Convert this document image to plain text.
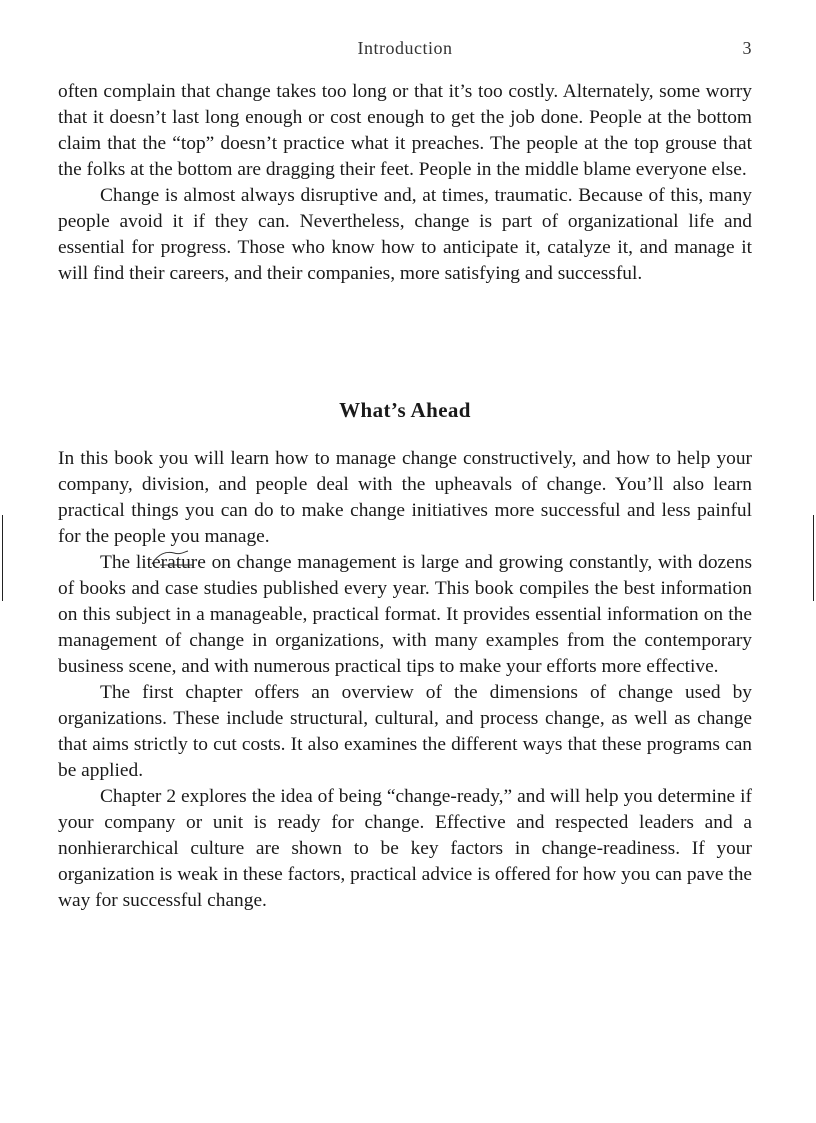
Introduction	3

often complain that change takes too long or that it’s too costly. Alternately, some worry that it doesn’t last long enough or cost enough to get the job done. People at the bottom claim that the “top” doesn’t practice what it preaches. The people at the top grouse that the folks at the bottom are dragging their feet. People in the middle blame everyone else.

Change is almost always disruptive and, at times, traumatic. Because of this, many people avoid it if they can. Nevertheless, change is part of organizational life and essential for progress. Those who know how to anticipate it, catalyze it, and manage it will find their careers, and their companies, more satisfying and successful.

What’s Ahead

In this book you will learn how to manage change constructively, and how to help your company, division, and people deal with the upheavals of change. You’ll also learn practical things you can do to make change initiatives more successful and less painful for the people you manage.

The literature on change management is large and growing constantly, with dozens of books and case studies published every year. This book compiles the best information on this subject in a manageable, practical format. It provides essential information on the management of change in organizations, with many examples from the contemporary business scene, and with numerous practical tips to make your efforts more effective.

The first chapter offers an overview of the dimensions of change used by organizations. These include structural, cultural, and process change, as well as change that aims strictly to cut costs. It also examines the different ways that these programs can be applied.

Chapter 2 explores the idea of being “change-ready,” and will help you determine if your company or unit is ready for change. Effective and respected leaders and a nonhierarchical culture are shown to be key factors in change-readiness. If your organization is weak in these factors, practical advice is offered for how you can pave the way for successful change.
